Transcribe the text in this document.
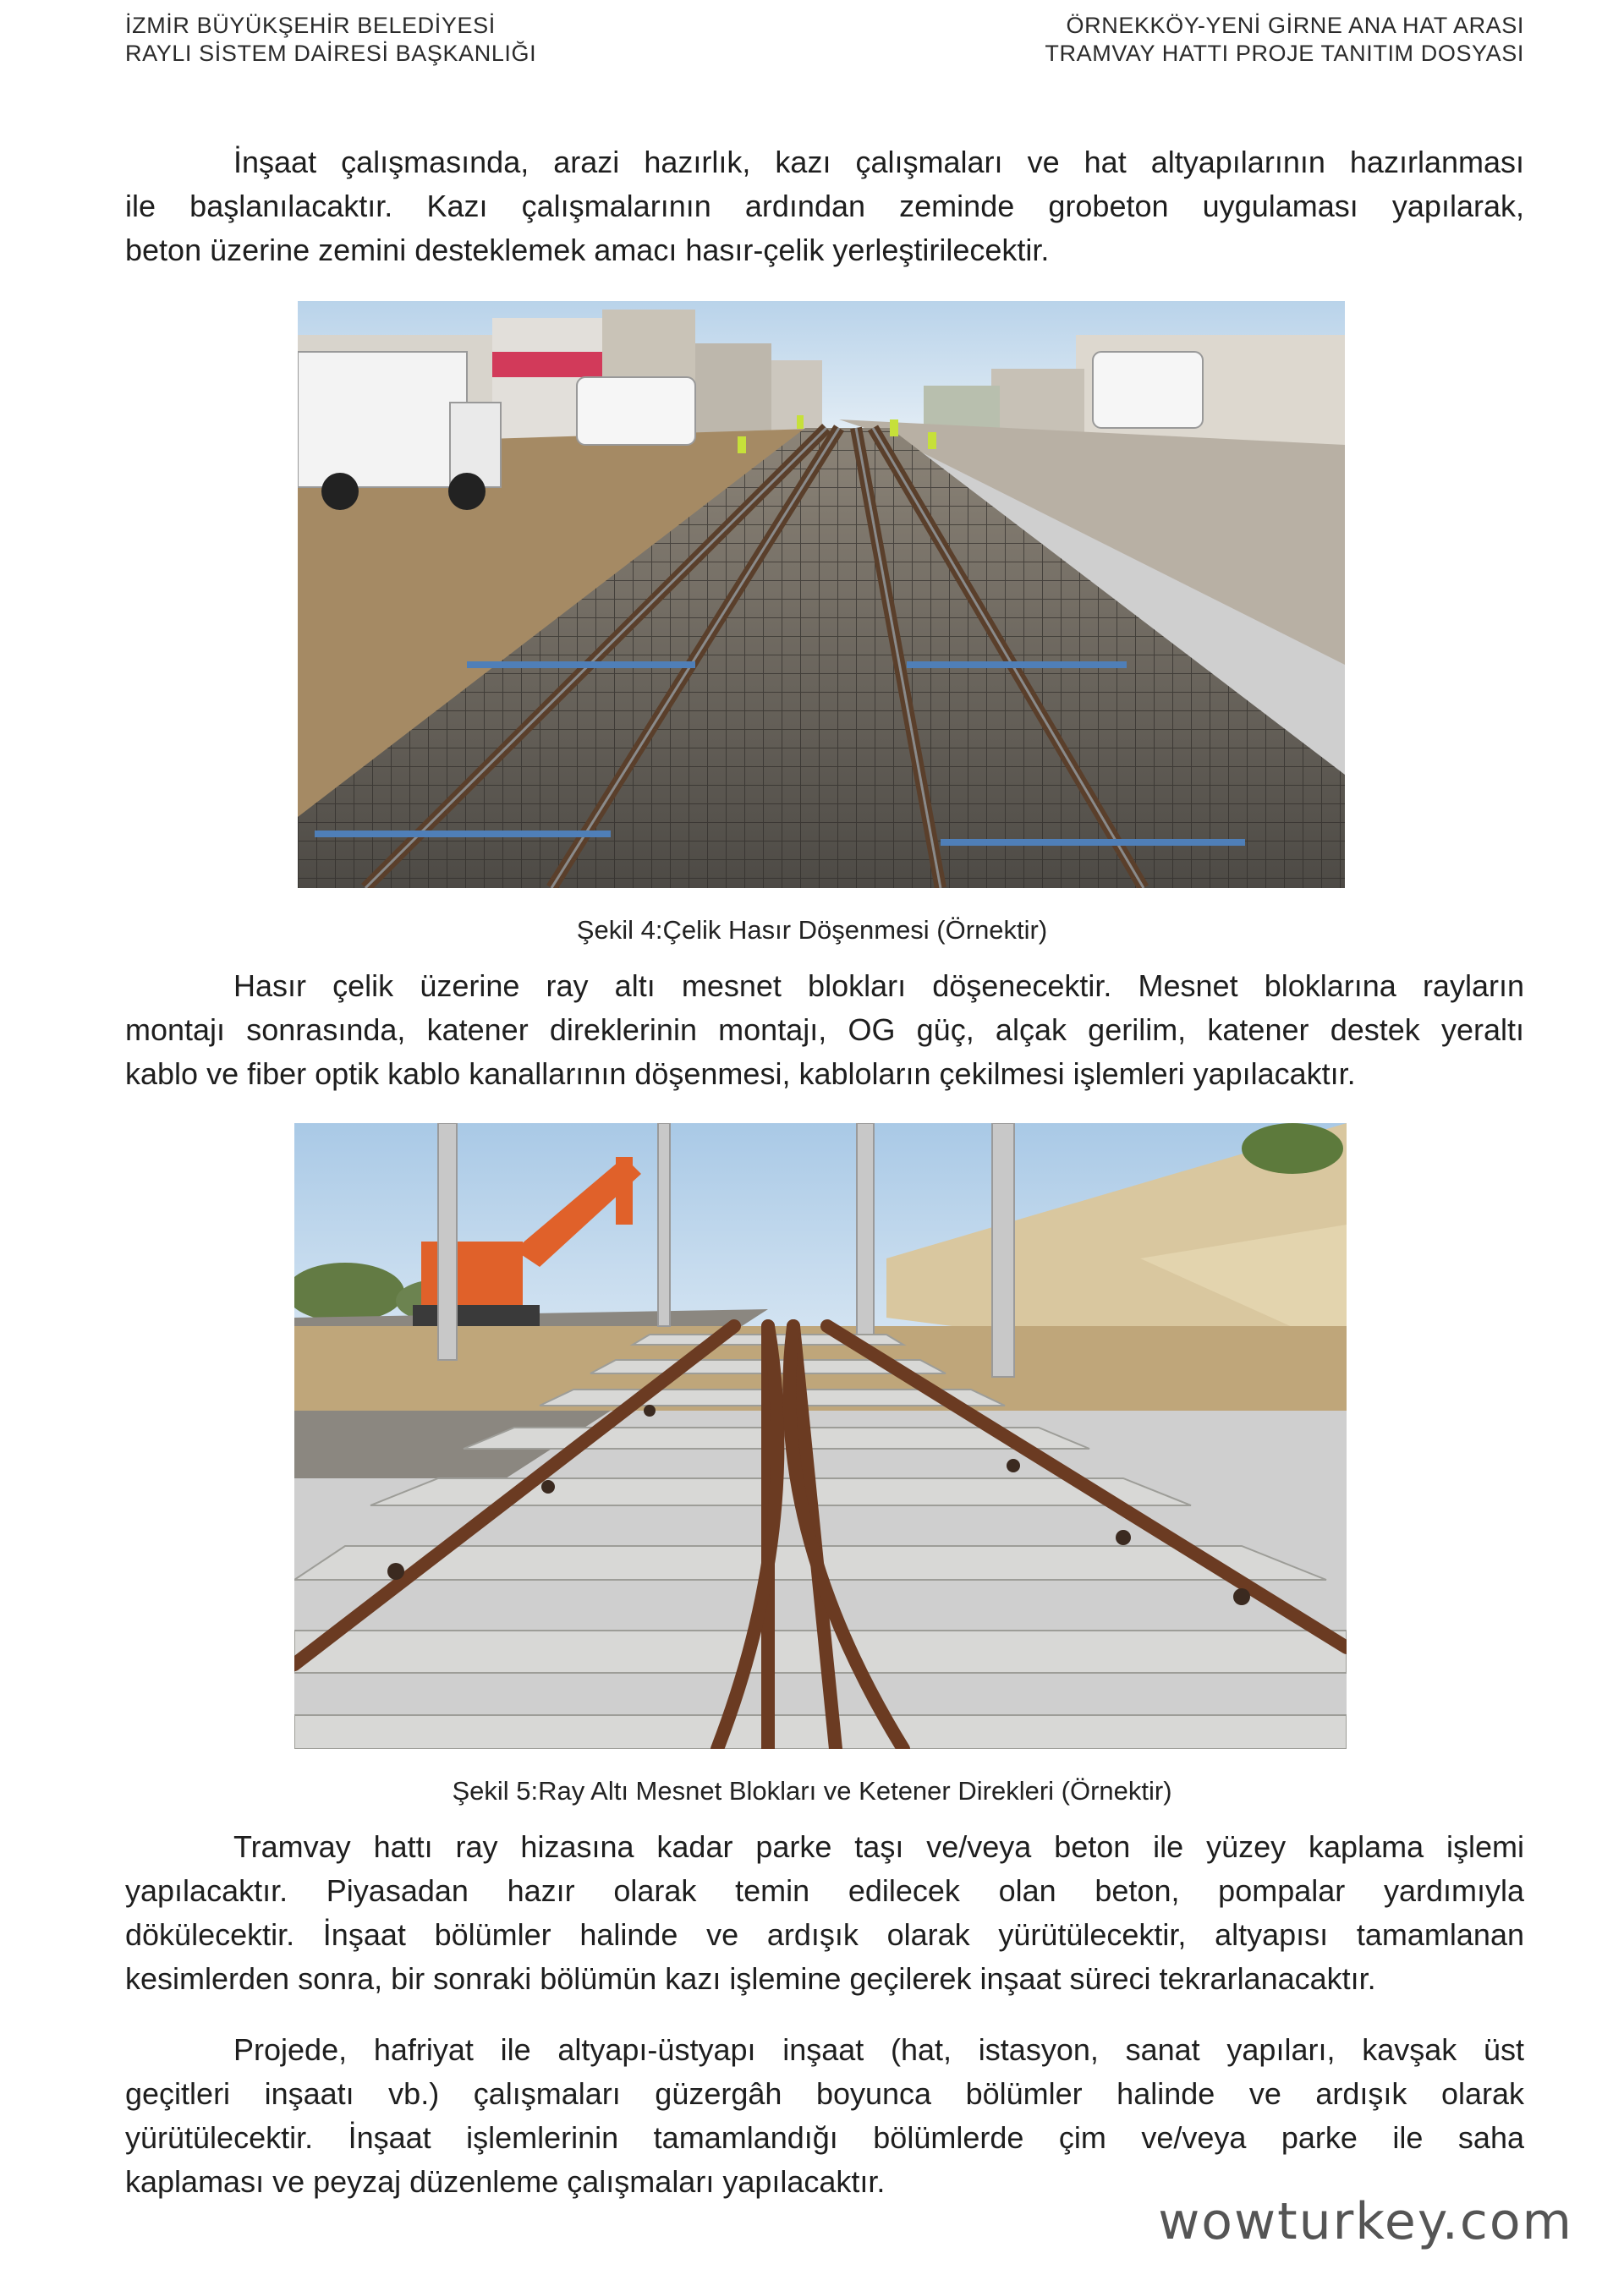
İZMİR BÜYÜKŞEHİR BELEDİYESİ
RAYLI SİSTEM DAİRESİ BAŞKANLIĞI
ÖRNEKKÖY-YENİ GİRNE ANA HAT ARASI
TRAMVAY HATTI PROJE TANITIM DOSYASI
İnşaat çalışmasında, arazi hazırlık, kazı çalışmaları ve hat altyapılarının hazırlanması
ile başlanılacaktır. Kazı çalışmalarının ardından zeminde grobeton uygulaması yapılarak,
beton üzerine zemini desteklemek amacı hasır-çelik yerleştirilecektir.
Şekil 4:Çelik Hasır Döşenmesi (Örnektir)
Hasır çelik üzerine ray altı mesnet blokları döşenecektir. Mesnet bloklarına rayların
montajı sonrasında, katener direklerinin montajı, OG güç, alçak gerilim, katener destek yeraltı
kablo ve fiber optik kablo kanallarının döşenmesi, kabloların çekilmesi işlemleri yapılacaktır.
Şekil 5:Ray Altı Mesnet Blokları ve Ketener Direkleri (Örnektir)
Tramvay hattı ray hizasına kadar parke taşı ve/veya beton ile yüzey kaplama işlemi
yapılacaktır. Piyasadan hazır olarak temin edilecek olan beton, pompalar yardımıyla
dökülecektir. İnşaat bölümler halinde ve ardışık olarak yürütülecektir, altyapısı tamamlanan
kesimlerden sonra, bir sonraki bölümün kazı işlemine geçilerek inşaat süreci tekrarlanacaktır.
Projede, hafriyat ile altyapı-üstyapı inşaat (hat, istasyon, sanat yapıları, kavşak üst
geçitleri inşaatı vb.) çalışmaları güzergâh boyunca bölümler halinde ve ardışık olarak
yürütülecektir. İnşaat işlemlerinin tamamlandığı bölümlerde çim ve/veya parke ile saha
kaplaması ve peyzaj düzenleme çalışmaları yapılacaktır.
wowturkey.com
